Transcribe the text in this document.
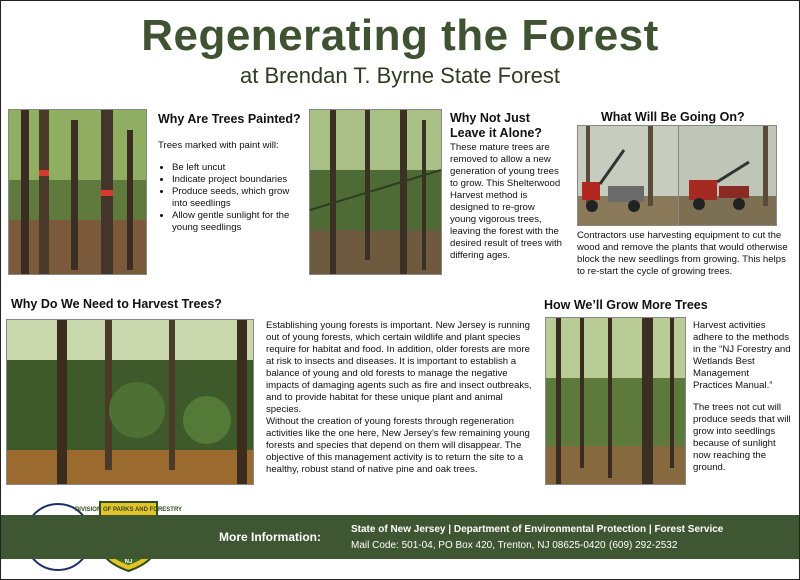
Regenerating the Forest
at Brendan T. Byrne State Forest
Why Are Trees Painted?
Trees marked with paint will:
• Be left uncut
• Indicate project boundaries
• Produce seeds, which grow into seedlings
• Allow gentle sunlight for the young seedlings
Why Not Just Leave it Alone?
These mature trees are removed to allow a new generation of young trees to grow. This Shelterwood Harvest method is designed to re-grow young vigorous trees, leaving the forest with the desired result of trees with differing ages.
What Will Be Going On?
Contractors use harvesting equipment to cut the wood and remove the plants that would otherwise block the new seedlings from growing. This helps to re-start the cycle of growing trees.
Why Do We Need to Harvest Trees?
Establishing young forests is important. New Jersey is running out of young forests, which certain wildlife and plant species require for habitat and food. In addition, older forests are more at risk to insects and diseases. It is important to establish a balance of young and old forests to manage the negative impacts of damaging agents such as fire and insect outbreaks, and to provide habitat for these unique plant and animal species.
Without the creation of young forests through regeneration activities like the one here, New Jersey’s few remaining young forests and species that depend on them will disappear. The objective of this management activity is to return the site to a healthy, robust stand of native pine and oak trees.
How We’ll Grow More Trees
Harvest activities adhere to the methods in the “NJ Forestry and Wetlands Best Management Practices Manual.”
The trees not cut will produce seeds that will grow into seedlings because of sunlight now reaching the ground.
DIVISION OF PARKS AND FORESTRY
NJ
More Information:
State of New Jersey | Department of Environmental Protection | Forest Service
Mail Code: 501-04, PO Box 420, Trenton, NJ 08625-0420 (609) 292-2532
